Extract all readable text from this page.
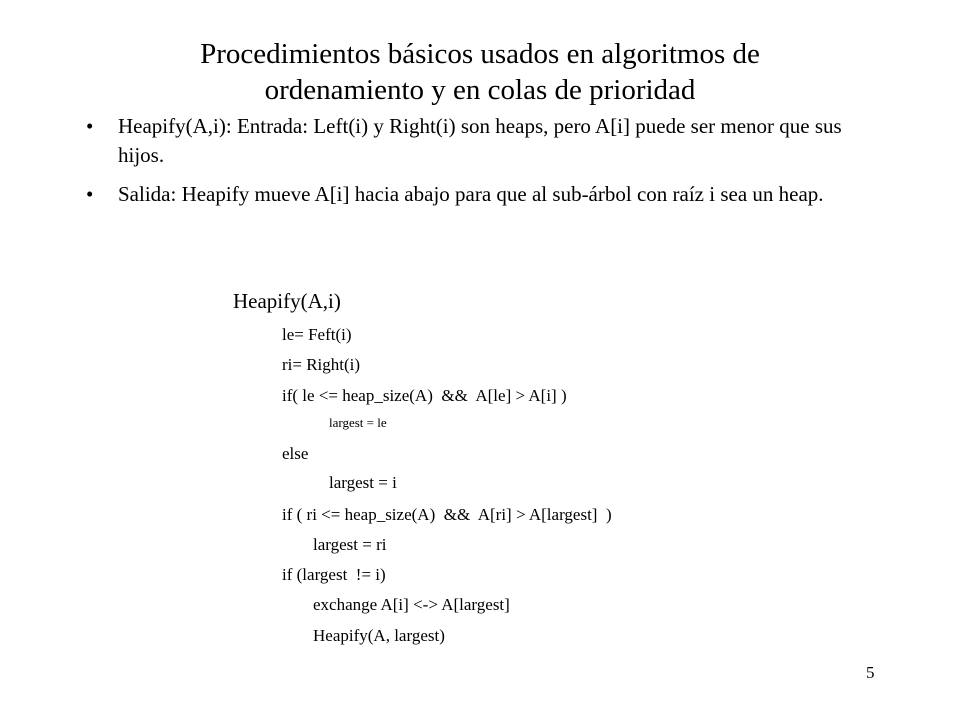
Procedimientos básicos usados en algoritmos de
ordenamiento y en colas de prioridad
• Heapify(A,i): Entrada: Left(i) y Right(i) son heaps, pero A[i] puede ser menor que sus hijos.
• Salida: Heapify mueve A[i] hacia abajo para que al sub-árbol con raíz i sea un heap.
Heapify(A,i)
le= Feft(i)
ri= Right(i)
if( le <= heap_size(A)  &&  A[le] > A[i] )
largest = le
else
largest = i
if ( ri <= heap_size(A)  &&  A[ri] > A[largest]  )
largest = ri
if (largest  != i)
exchange A[i] <-> A[largest]
Heapify(A, largest)
5
